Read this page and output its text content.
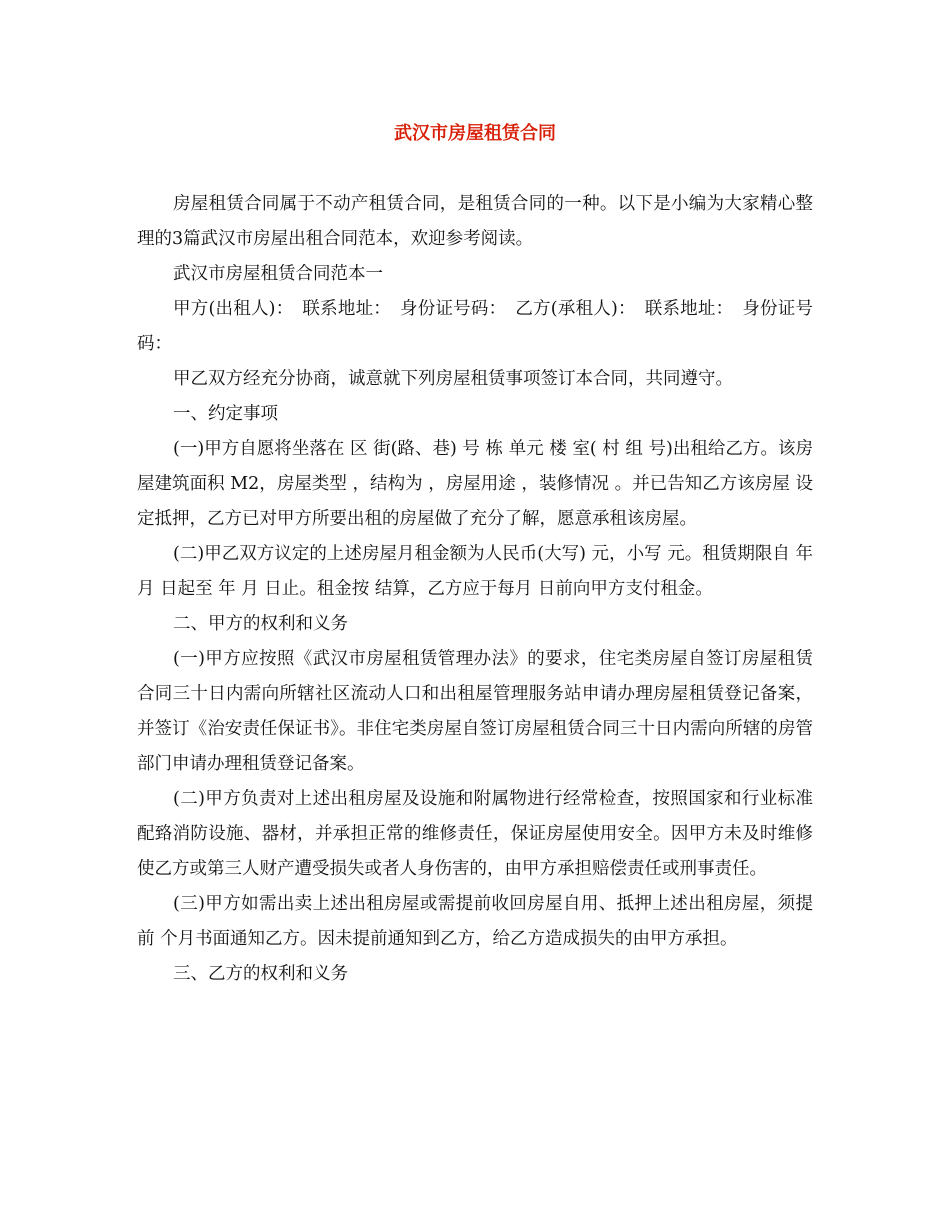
武汉市房屋租赁合同

房屋租赁合同属于不动产租赁合同，是租赁合同的一种。以下是小编为大家精心整理的3篇武汉市房屋出租合同范本，欢迎参考阅读。

武汉市房屋租赁合同范本一

甲方(出租人)：　联系地址：　身份证号码：　乙方(承租人)：　联系地址：　身份证号码：

甲乙双方经充分协商，诚意就下列房屋租赁事项签订本合同，共同遵守。

一、约定事项

(一)甲方自愿将坐落在 区 街(路、巷) 号 栋 单元 楼 室( 村 组 号)出租给乙方。该房屋建筑面积 M2，房屋类型 ，结构为 ，房屋用途 ，装修情况 。并已告知乙方该房屋 设定抵押，乙方已对甲方所要出租的房屋做了充分了解，愿意承租该房屋。

(二)甲乙双方议定的上述房屋月租金额为人民币(大写) 元，小写 元。租赁期限自 年 月 日起至 年 月 日止。租金按 结算，乙方应于每月 日前向甲方支付租金。

二、甲方的权利和义务

(一)甲方应按照《武汉市房屋租赁管理办法》的要求，住宅类房屋自签订房屋租赁合同三十日内需向所辖社区流动人口和出租屋管理服务站申请办理房屋租赁登记备案，并签订《治安责任保证书》。非住宅类房屋自签订房屋租赁合同三十日内需向所辖的房管部门申请办理租赁登记备案。

(二)甲方负责对上述出租房屋及设施和附属物进行经常检查，按照国家和行业标准配臵消防设施、器材，并承担正常的维修责任，保证房屋使用安全。因甲方未及时维修使乙方或第三人财产遭受损失或者人身伤害的，由甲方承担赔偿责任或刑事责任。

(三)甲方如需出卖上述出租房屋或需提前收回房屋自用、抵押上述出租房屋，须提前 个月书面通知乙方。因未提前通知到乙方，给乙方造成损失的由甲方承担。

三、乙方的权利和义务
